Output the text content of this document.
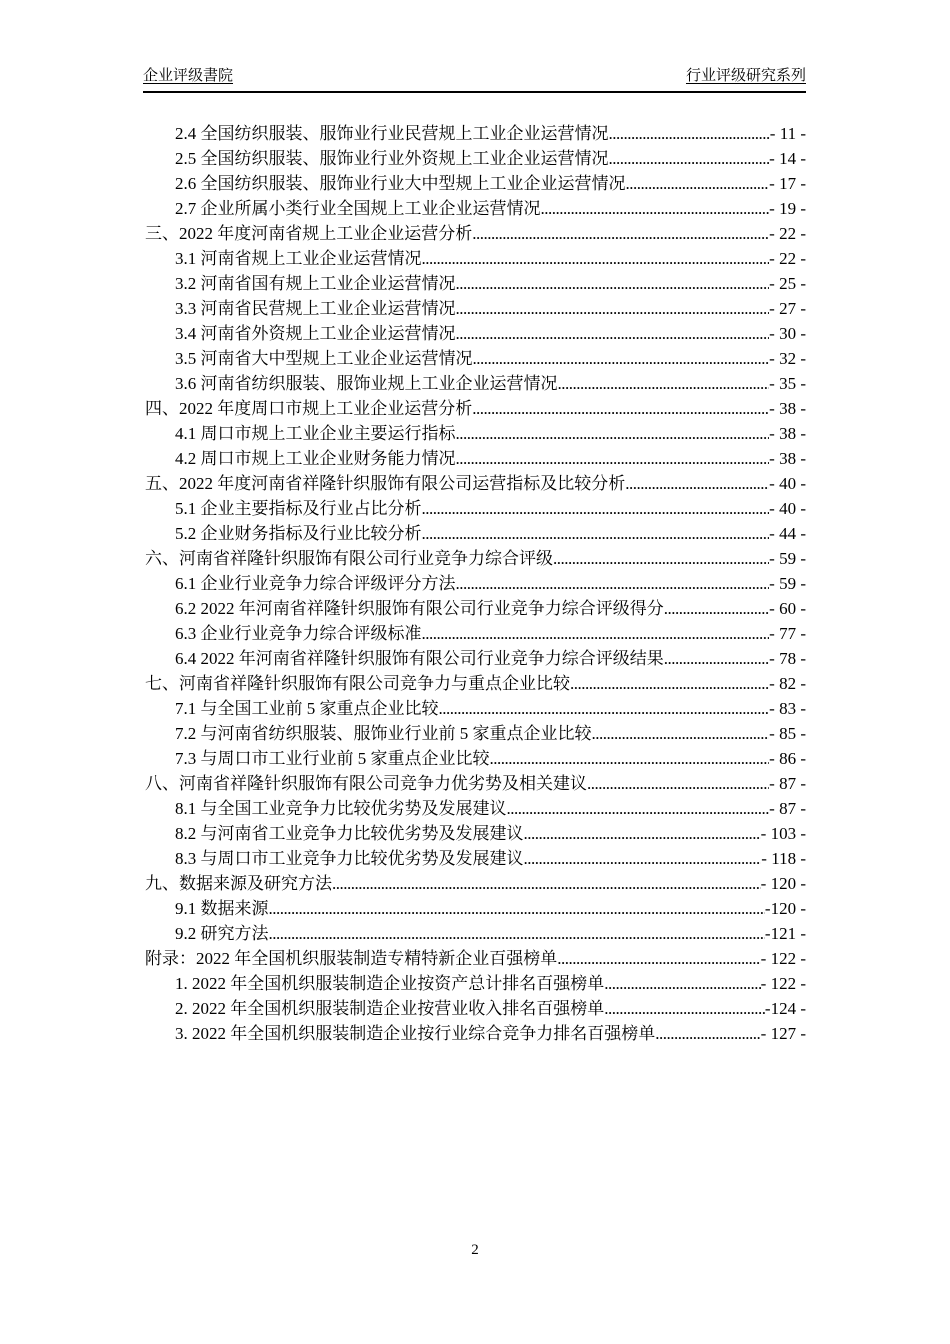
企业评级書院	行业评级研究系列
2.4 全国纺织服装、服饰业行业民营规上工业企业运营情况 .....	- 11 -
2.5 全国纺织服装、服饰业行业外资规上工业企业运营情况 .....	- 14 -
2.6 全国纺织服装、服饰业行业大中型规上工业企业运营情况 .....	- 17 -
2.7 企业所属小类行业全国规上工业企业运营情况 .....	- 19 -
三、2022 年度河南省规上工业企业运营分析 .....	- 22 -
3.1 河南省规上工业企业运营情况 .....	- 22 -
3.2 河南省国有规上工业企业运营情况 .....	- 25 -
3.3 河南省民营规上工业企业运营情况 .....	- 27 -
3.4 河南省外资规上工业企业运营情况 .....	- 30 -
3.5 河南省大中型规上工业企业运营情况 .....	- 32 -
3.6 河南省纺织服装、服饰业规上工业企业运营情况 .....	- 35 -
四、2022 年度周口市规上工业企业运营分析 .....	- 38 -
4.1 周口市规上工业企业主要运行指标 .....	- 38 -
4.2 周口市规上工业企业财务能力情况 .....	- 38 -
五、2022 年度河南省祥隆针织服饰有限公司运营指标及比较分析 .....	- 40 -
5.1 企业主要指标及行业占比分析 .....	- 40 -
5.2 企业财务指标及行业比较分析 .....	- 44 -
六、河南省祥隆针织服饰有限公司行业竞争力综合评级 .....	- 59 -
6.1 企业行业竞争力综合评级评分方法 .....	- 59 -
6.2 2022 年河南省祥隆针织服饰有限公司行业竞争力综合评级得分 .....	- 60 -
6.3 企业行业竞争力综合评级标准 .....	- 77 -
6.4 2022 年河南省祥隆针织服饰有限公司行业竞争力综合评级结果 .....	- 78 -
七、河南省祥隆针织服饰有限公司竞争力与重点企业比较 .....	- 82 -
7.1 与全国工业前 5 家重点企业比较 .....	- 83 -
7.2 与河南省纺织服装、服饰业行业前 5 家重点企业比较 .....	- 85 -
7.3 与周口市工业行业前 5 家重点企业比较 .....	- 86 -
八、河南省祥隆针织服饰有限公司竞争力优劣势及相关建议 .....	- 87 -
8.1 与全国工业竞争力比较优劣势及发展建议 .....	- 87 -
8.2 与河南省工业竞争力比较优劣势及发展建议 .....	- 103 -
8.3 与周口市工业竞争力比较优劣势及发展建议 .....	- 118 -
九、数据来源及研究方法 .....	- 120 -
9.1 数据来源 .....	-120 -
9.2 研究方法 .....	-121 -
附录：2022 年全国机织服装制造专精特新企业百强榜单 .....	- 122 -
1. 2022 年全国机织服装制造企业按资产总计排名百强榜单 .....	- 122 -
2. 2022 年全国机织服装制造企业按营业收入排名百强榜单 .....	-124 -
3. 2022 年全国机织服装制造企业按行业综合竞争力排名百强榜单 .....	- 127 -
2
